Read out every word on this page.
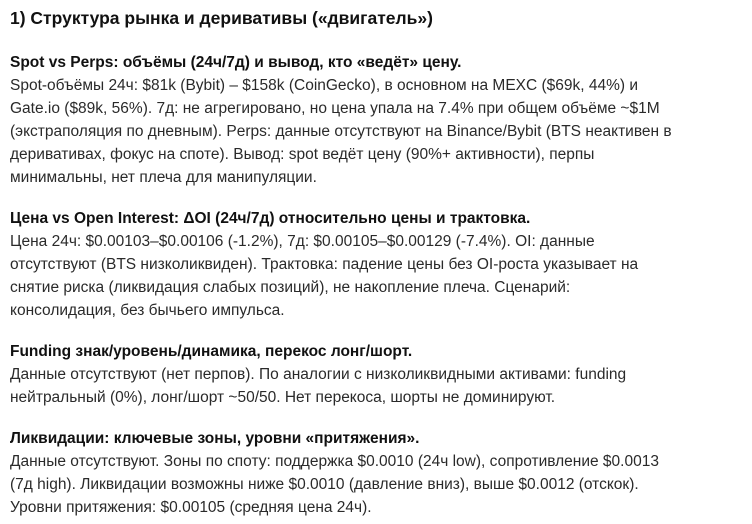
1) Структура рынка и деривативы («двигатель»)

Spot vs Perps: объёмы (24ч/7д) и вывод, кто «ведёт» цену.

Spot-объёмы 24ч: $81k (Bybit) – $158k (CoinGecko), в основном на MEXC ($69k, 44%) и
Gate.io ($89k, 56%). 7д: не агрегировано, но цена упала на 7.4% при общем объёме ~$1M
(экстраполяция по дневным). Perps: данные отсутствуют на Binance/Bybit (BTS неактивен в
деривативах, фокус на споте). Вывод: spot ведёт цену (90%+ активности), перпы
минимальны, нет плеча для манипуляции.

Цена vs Open Interest: ΔOI (24ч/7д) относительно цены и трактовка.

Цена 24ч: $0.00103–$0.00106 (-1.2%), 7д: $0.00105–$0.00129 (-7.4%). OI: данные
отсутствуют (BTS низколиквиден). Трактовка: падение цены без OI-роста указывает на
снятие риска (ликвидация слабых позиций), не накопление плеча. Сценарий:
консолидация, без бычьего импульса.

Funding знак/уровень/динамика, перекос лонг/шорт.

Данные отсутствуют (нет перпов). По аналогии с низколиквидными активами: funding
нейтральный (0%), лонг/шорт ~50/50. Нет перекоса, шорты не доминируют.

Ликвидации: ключевые зоны, уровни «притяжения».

Данные отсутствуют. Зоны по споту: поддержка $0.0010 (24ч low), сопротивление $0.0013
(7д high). Ликвидации возможны ниже $0.0010 (давление вниз), выше $0.0012 (отскок).
Уровни притяжения: $0.00105 (средняя цена 24ч).
